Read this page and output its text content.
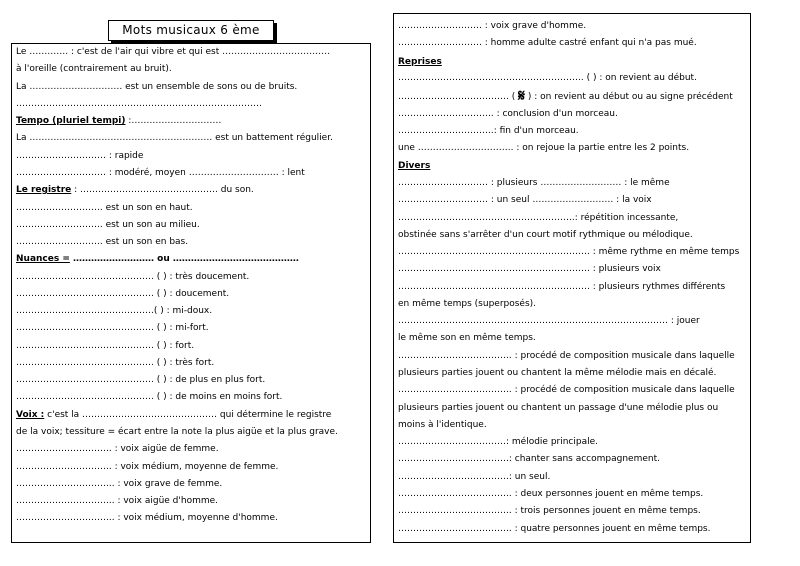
Mots musicaux 6 ème
Le …………. : c'est de l'air qui vibre et qui est ………………………………
à l'oreille (contrairement au bruit).
La …………………………. est un ensemble de sons ou de bruits.
……………………………………………………………………….
Tempo (pluriel tempi) :…………………………
La ……………………………………………………. est un battement régulier.
………………………… : rapide
………………………… : modéré, moyen ………………………… : lent
Le registre : ………………………………………. du son.
……………………….. est un son en haut.
……………………….. est un son au milieu.
……………………….. est un son en bas.
Nuances = ……………………… ou ……………………………………
………………………………………. ( ) : très doucement.
………………………………………. ( ) : doucement.
……………………………………….( ) : mi-doux.
………………………………………. ( ) : mi-fort.
………………………………………. ( ) : fort.
………………………………………. ( ) : très fort.
………………………………………. ( ) : de plus en plus fort.
………………………………………. ( ) : de moins en moins fort.
Voix : c'est la ……………………………………… qui détermine le registre
de la voix; tessiture = écart entre la note la plus aigüe et la plus grave.
………………………….. : voix aigüe de femme.
………………………….. : voix médium, moyenne de femme.
…………………………... : voix grave de femme.
…………………………... : voix aigüe d'homme.
…………………………... : voix médium, moyenne d'homme.
………………………. : voix grave d'homme.
………………………. : homme adulte castré enfant qui n'a pas mué.
Reprises
…………………………………………………….. ( ) : on revient au début.
………………………………. ( 𝄋 ) : on revient au début ou au signe précédent
………………………….. : conclusion d'un morceau.
…………………………..: fin d'un morceau.
une ………………………….. : on rejoue la partie entre les 2 points.
Divers
………………………… : plusieurs ……………………… : le même
………………………… : un seul ……………………… : la voix
…………………………………………………..: répétition incessante,
obstinée sans s'arrêter d'un court motif rythmique ou mélodique.
………………………………………………………. : même rythme en même temps
………………………………………………………. : plusieurs voix
………………………………………………………. : plusieurs rythmes différents
en même temps (superposés).
……………………………………………………………………………… : jouer
le même son en même temps.
……………………………….. : procédé de composition musicale dans laquelle
plusieurs parties jouent ou chantent la même mélodie mais en décalé.
……………………………….. : procédé de composition musicale dans laquelle
plusieurs parties jouent ou chantent un passage d'une mélodie plus ou
moins à l'identique.
………………………………: mélodie principale.
……………………………….: chanter sans accompagnement.
……………………………….: un seul.
……………………………….. : deux personnes jouent en même temps.
……………………………….. : trois personnes jouent en même temps.
……………………………….. : quatre personnes jouent en même temps.
